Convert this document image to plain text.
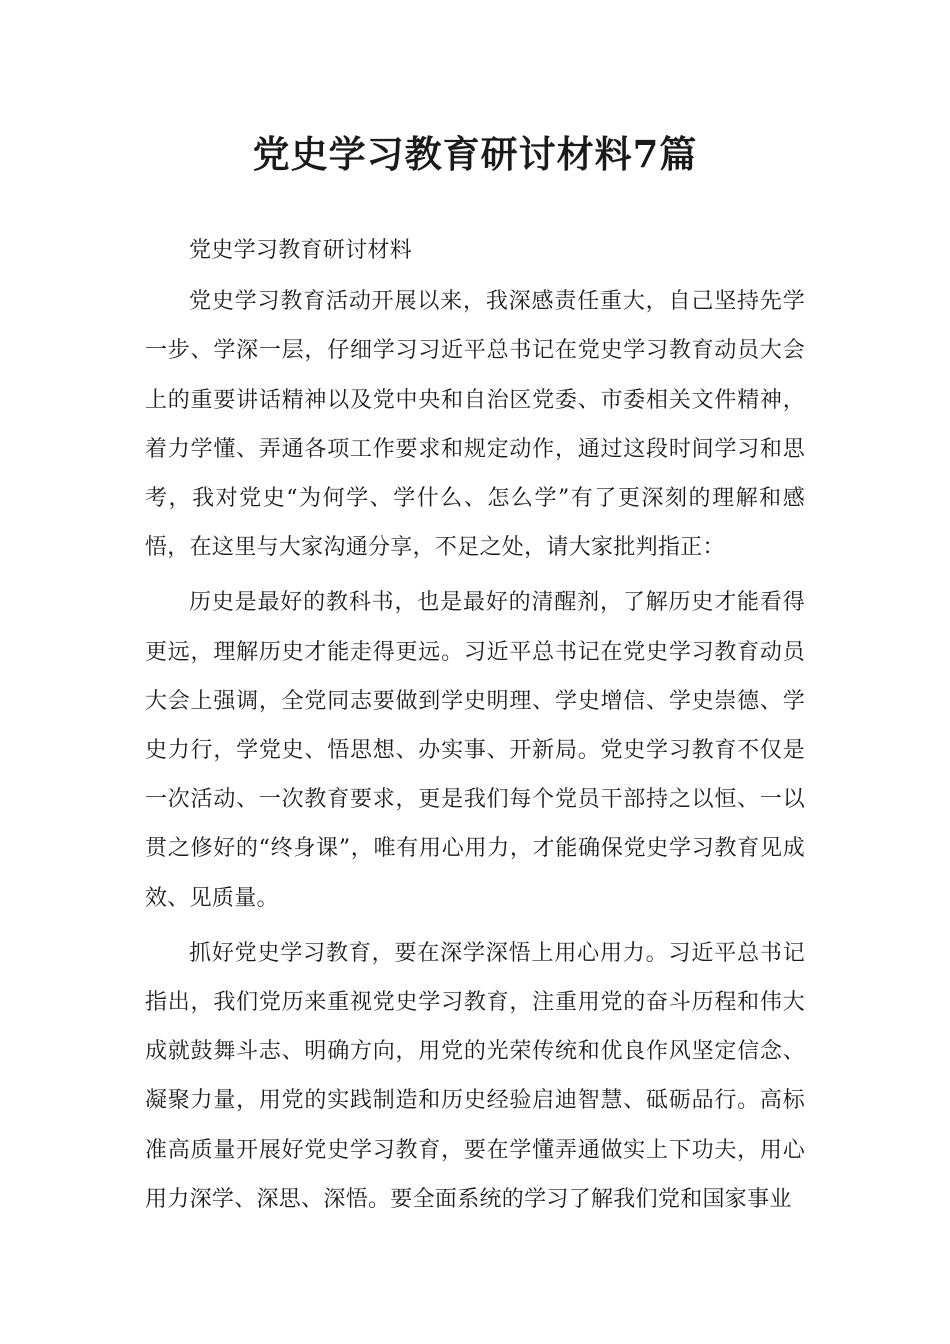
党史学习教育研讨材料7篇

党史学习教育研讨材料

党史学习教育活动开展以来，我深感责任重大，自己坚持先学一步、学深一层，仔细学习习近平总书记在党史学习教育动员大会上的重要讲话精神以及党中央和自治区党委、市委相关文件精神，着力学懂、弄通各项工作要求和规定动作，通过这段时间学习和思考，我对党史“为何学、学什么、怎么学”有了更深刻的理解和感悟，在这里与大家沟通分享，不足之处，请大家批判指正：

历史是最好的教科书，也是最好的清醒剂，了解历史才能看得更远，理解历史才能走得更远。习近平总书记在党史学习教育动员大会上强调，全党同志要做到学史明理、学史增信、学史崇德、学史力行，学党史、悟思想、办实事、开新局。党史学习教育不仅是一次活动、一次教育要求，更是我们每个党员干部持之以恒、一以贯之修好的“终身课”，唯有用心用力，才能确保党史学习教育见成效、见质量。

抓好党史学习教育，要在深学深悟上用心用力。习近平总书记指出，我们党历来重视党史学习教育，注重用党的奋斗历程和伟大成就鼓舞斗志、明确方向，用党的光荣传统和优良作风坚定信念、凝聚力量，用党的实践制造和历史经验启迪智慧、砥砺品行。高标准高质量开展好党史学习教育，要在学懂弄通做实上下功夫，用心用力深学、深思、深悟。要全面系统的学习了解我们党和国家事业
